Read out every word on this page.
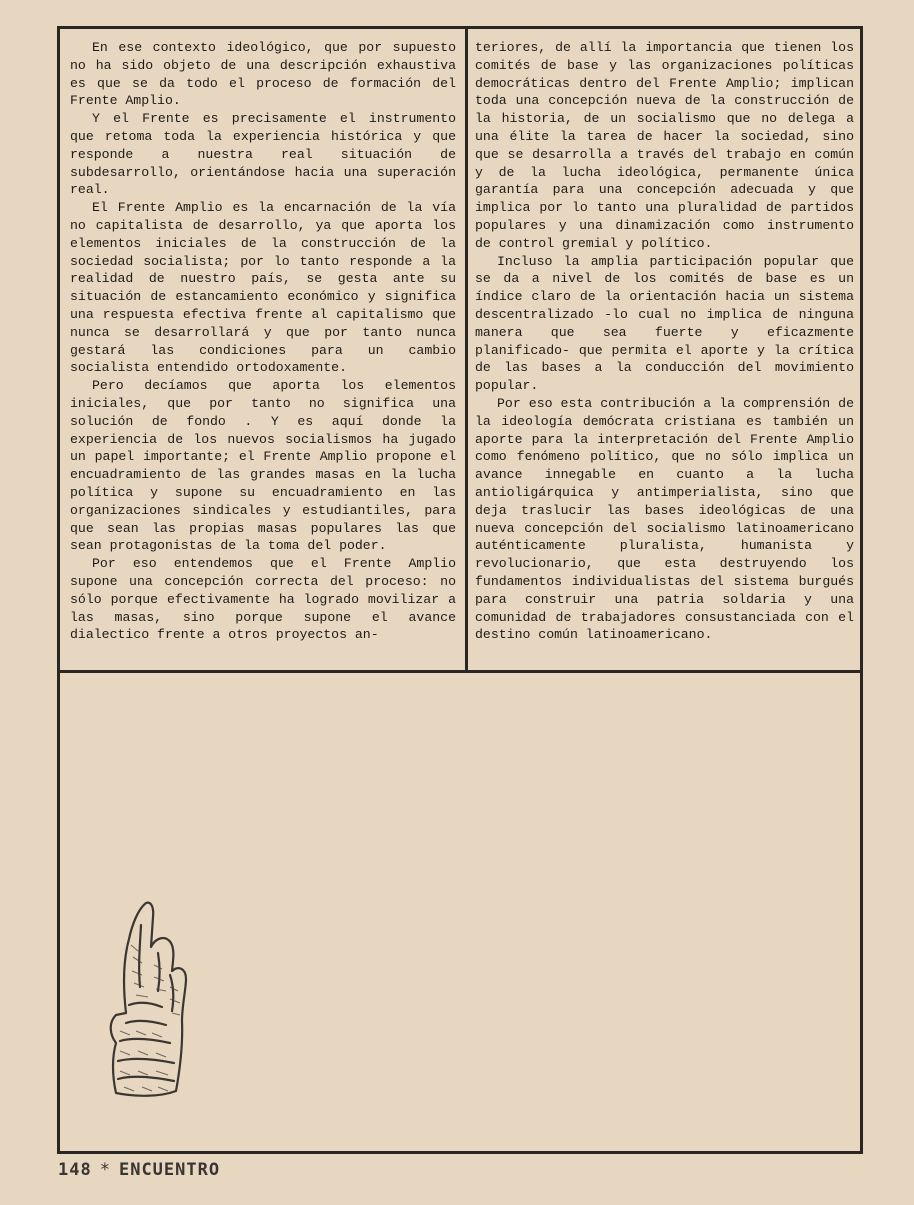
En ese contexto ideológico, que por supuesto no ha sido objeto de una descripción exhaustiva es que se da todo el proceso de formación del Frente Amplio.

Y el Frente es precisamente el instrumento que retoma toda la experiencia histórica y que responde a nuestra real situación de subdesarrollo, orientándose hacia una superación real.

El Frente Amplio es la encarnación de la vía no capitalista de desarrollo, ya que aporta los elementos iniciales de la construcción de la sociedad socialista; por lo tanto responde a la realidad de nuestro país, se gesta ante su situación de estancamiento económico y significa una respuesta efectiva frente al capitalismo que nunca se desarrollará y que por tanto nunca gestará las condiciones para un cambio socialista entendido ortodoxamente.

Pero decíamos que aporta los elementos iniciales, que por tanto no significa una solución de fondo . Y es aquí donde la experiencia de los nuevos socialismos ha jugado un papel importante; el Frente Amplio propone el encuadramiento de las grandes masas en la lucha política y supone su encuadramiento en las organizaciones sindicales y estudiantiles, para que sean las propias masas populares las que sean protagonistas de la toma del poder.

Por eso entendemos que el Frente Amplio supone una concepción correcta del proceso: no sólo porque efectivamente ha logrado movilizar a las masas, sino porque supone el avance dialectico frente a otros proyectos an-

teriores, de allí la importancia que tienen los comités de base y las organizaciones políticas democráticas dentro del Frente Amplio; implican toda una concepción nueva de la construcción de la historia, de un socialismo que no delega a una élite la tarea de hacer la sociedad, sino que se desarrolla a través del trabajo en común y de la lucha ideológica, permanente única garantía para una concepción adecuada y que implica por lo tanto una pluralidad de partidos populares y una dinamización como instrumento de control gremial y político.

Incluso la amplia participación popular que se da a nivel de los comités de base es un índice claro de la orientación hacia un sistema descentralizado -lo cual no implica de ninguna manera que sea fuerte y eficazmente planificado- que permita el aporte y la crítica de las bases a la conducción del movimiento popular.

Por eso esta contribución a la comprensión de la ideología demócrata cristiana es también un aporte para la interpretación del Frente Amplio como fenómeno político, que no sólo implica un avance innegable en cuanto a la lucha antioligárquica y antimperialista, sino que deja traslucir las bases ideológicas de una nueva concepción del socialismo latinoamericano auténticamente pluralista, humanista y revolucionario, que esta destruyendo los fundamentos individualistas del sistema burgués para construir una patria soldaria y una comunidad de trabajadores consustanciada con el destino común latinoamericano.

148 * ENCUENTRO
